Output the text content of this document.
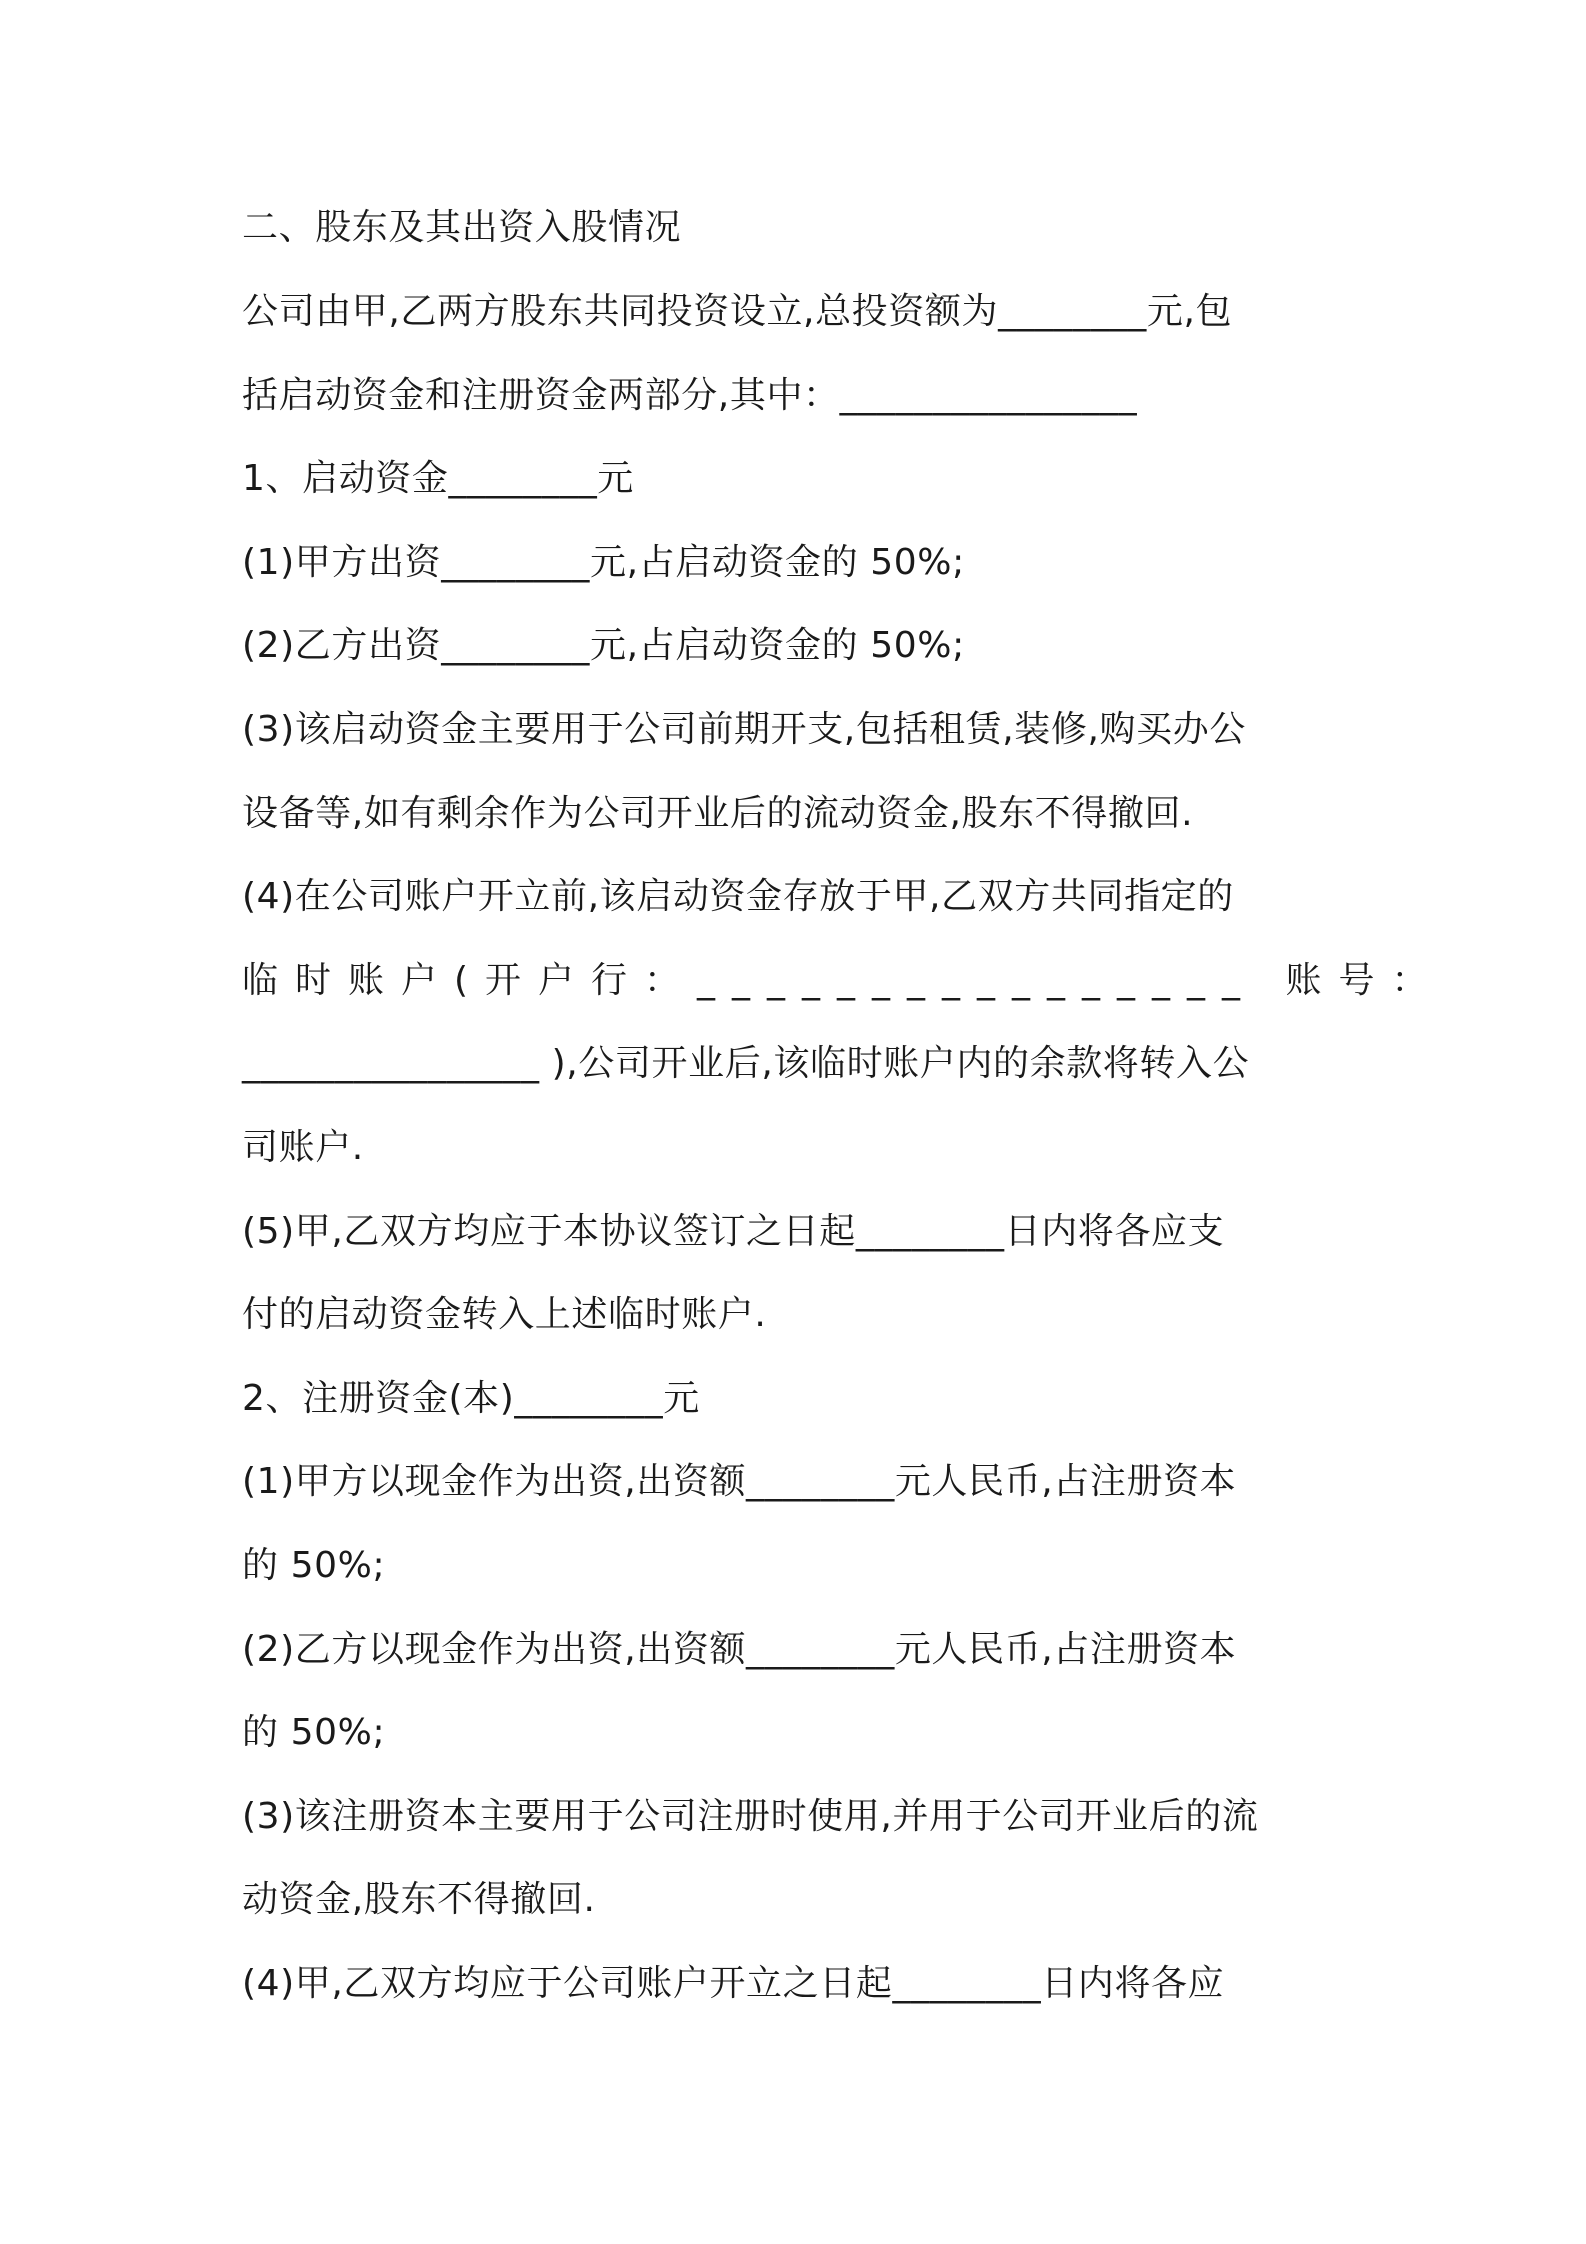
二、股东及其出资入股情况
公司由甲,乙两方股东共同投资设立,总投资额为________元,包
括启动资金和注册资金两部分,其中：________________
1、启动资金________元
(1)甲方出资________元,占启动资金的 50%;
(2)乙方出资________元,占启动资金的 50%;
(3)该启动资金主要用于公司前期开支,包括租赁,装修,购买办公
设备等,如有剩余作为公司开业后的流动资金,股东不得撤回.
(4)在公司账户开立前,该启动资金存放于甲,乙双方共同指定的
临时账户(开户行：________________ 账号：
________________ ),公司开业后,该临时账户内的余款将转入公
司账户.
(5)甲,乙双方均应于本协议签订之日起________日内将各应支
付的启动资金转入上述临时账户.
2、注册资金(本)________元
(1)甲方以现金作为出资,出资额________元人民币,占注册资本
的 50%;
(2)乙方以现金作为出资,出资额________元人民币,占注册资本
的 50%;
(3)该注册资本主要用于公司注册时使用,并用于公司开业后的流
动资金,股东不得撤回.
(4)甲,乙双方均应于公司账户开立之日起________日内将各应
